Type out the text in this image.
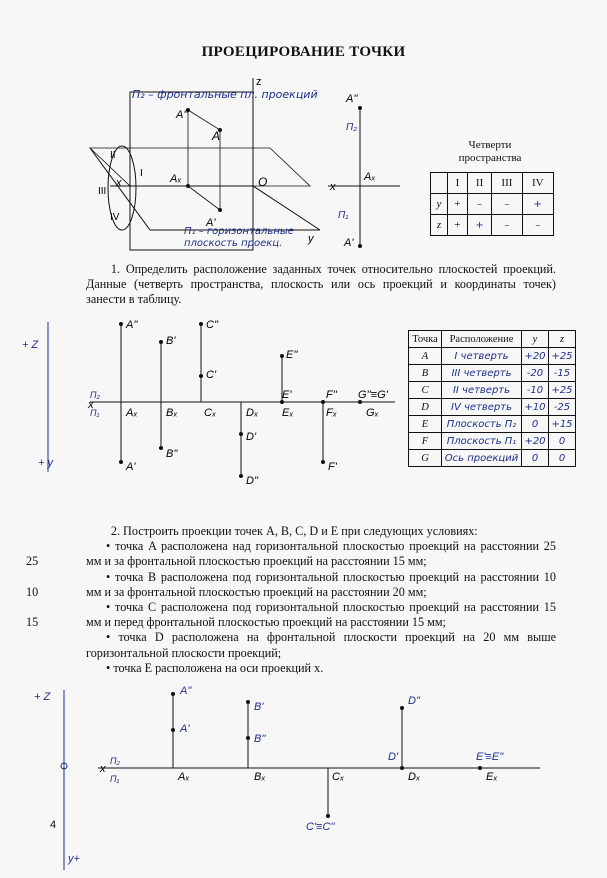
ПРОЕЦИРОВАНИЕ ТОЧКИ
z
A''
A
Aₓ	O
A'
II
I
III
IV
x
y
A''
Aₓ
x
A'
Π₂
Π₁
Π₂ – фронтальные пл. проекций
Π₁ – горизонтальные плоскость проекц.
Четверти
пространства
	I	II	III	IV
y	+	–	–	+
z	+	+	–	–
1. Определить расположение заданных точек относительно плоскостей проекций. Данные (четверть пространства, плоскость или ось проекций и координаты точек) занести в таблицу.
+ Z
+ y
x
Π₂
Π₁
A''
A'
Aₓ
B'
B''
Bₓ
C''
C'
Cₓ
D'
D''
Dₓ
E''
E'
Eₓ
F''
F'
Fₓ
G''≡G'
Gₓ
Точка	Расположение	y	z
A	I четверть	+20	+25
B	III четверть	-20	-15
C	II четверть	-10	+25
D	IV четверть	+10	-25
E	Плоскость Π₂	0	+15
F	Плоскость Π₁	+20	0
G	Ось проекций	0	0
2. Построить проекции точек A, B, C, D и E при следующих условиях:
25
• точка A расположена над горизонтальной плоскостью проекций на расстоянии 25 мм и за фронтальной плоскостью проекций на расстоянии 15 мм;
10
• точка B расположена под горизонтальной плоскостью проекций на расстоянии 10 мм и за фронтальной плоскостью проекций на расстоянии 20 мм;
15
• точка C расположена под горизонтальной плоскостью проекций на расстоянии 15 мм и перед фронтальной плоскостью проекций на расстоянии 15 мм;
• точка D расположена на фронтальной плоскости проекций на 20 мм выше горизонтальной плоскости проекций;
• точка E расположена на оси проекций x.
+ Z
y+
x
Π₂
Π₁
A''
A'
Aₓ
B'
B''
Bₓ
C'≡C''
Cₓ
D''
D'
Dₓ
E'≡E''
Eₓ
4
